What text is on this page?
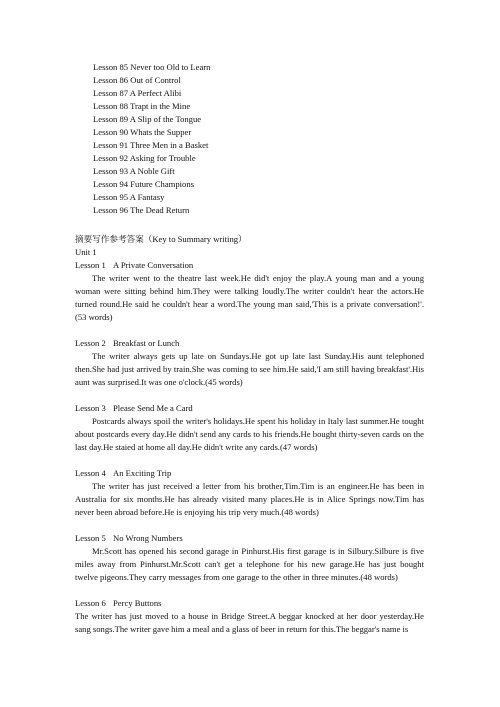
Lesson 85 Never too Old to Learn
Lesson 86 Out of Control
Lesson 87 A Perfect Alibi
Lesson 88 Trapt in the Mine
Lesson 89 A Slip of the Tongue
Lesson 90 Whats the Supper
Lesson 91 Three Men in a Basket
Lesson 92 Asking for Trouble
Lesson 93 A Noble Gift
Lesson 94 Future Champions
Lesson 95 A Fantasy
Lesson 96 The Dead Return
摘要写作参考答案（Key to Summary writing）
Unit 1
Lesson 1 A Private Conversation

The writer went to the theatre last week.He did't enjoy the play.A young man and a young woman were sitting behind him.They were talking loudly.The writer couldn't hear the actors.He turned round.He said he couldn't hear a word.The young man said,'This is a private conversation!'.(53 words)

Lesson 2 Breakfast or Lunch

The writer always gets up late on Sundays.He got up late last Sunday.His aunt telephoned then.She had just arrived by train.She was coming to see him.He said,'I am still having breakfast'.His aunt was surprised.It was one o'clock.(45 words)

Lesson 3 Please Send Me a Card

Postcards always spoil the writer's holidays.He spent his holiday in Italy last summer.He tought about postcards every day.He didn't send any cards to his friends.He bought thirty-seven cards on the last day.He staied at home all day.He didn't write any cards.(47 words)

Lesson 4 An Exciting Trip

The writer has just received a letter from his brother,Tim.Tim is an engineer.He has been in Australia for six months.He has already visited many places.He is in Alice Springs now.Tim has never been abroad before.He is enjoying his trip very much.(48 words)

Lesson 5 No Wrong Numbers

Mr.Scott has opened his second garage in Pinhurst.His first garage is in Silbury.Silbure is five miles away from Pinhurst.Mr.Scott can't get a telephone for his new garage.He has just bought twelve pigeons.They carry messages from one garage to the other in three minutes.(48 words)

Lesson 6 Percy Buttons

The writer has just moved to a house in Bridge Street.A beggar knocked at her door yesterday.He sang songs.The writer gave him a meal and a glass of beer in return for this.The beggar's name is
